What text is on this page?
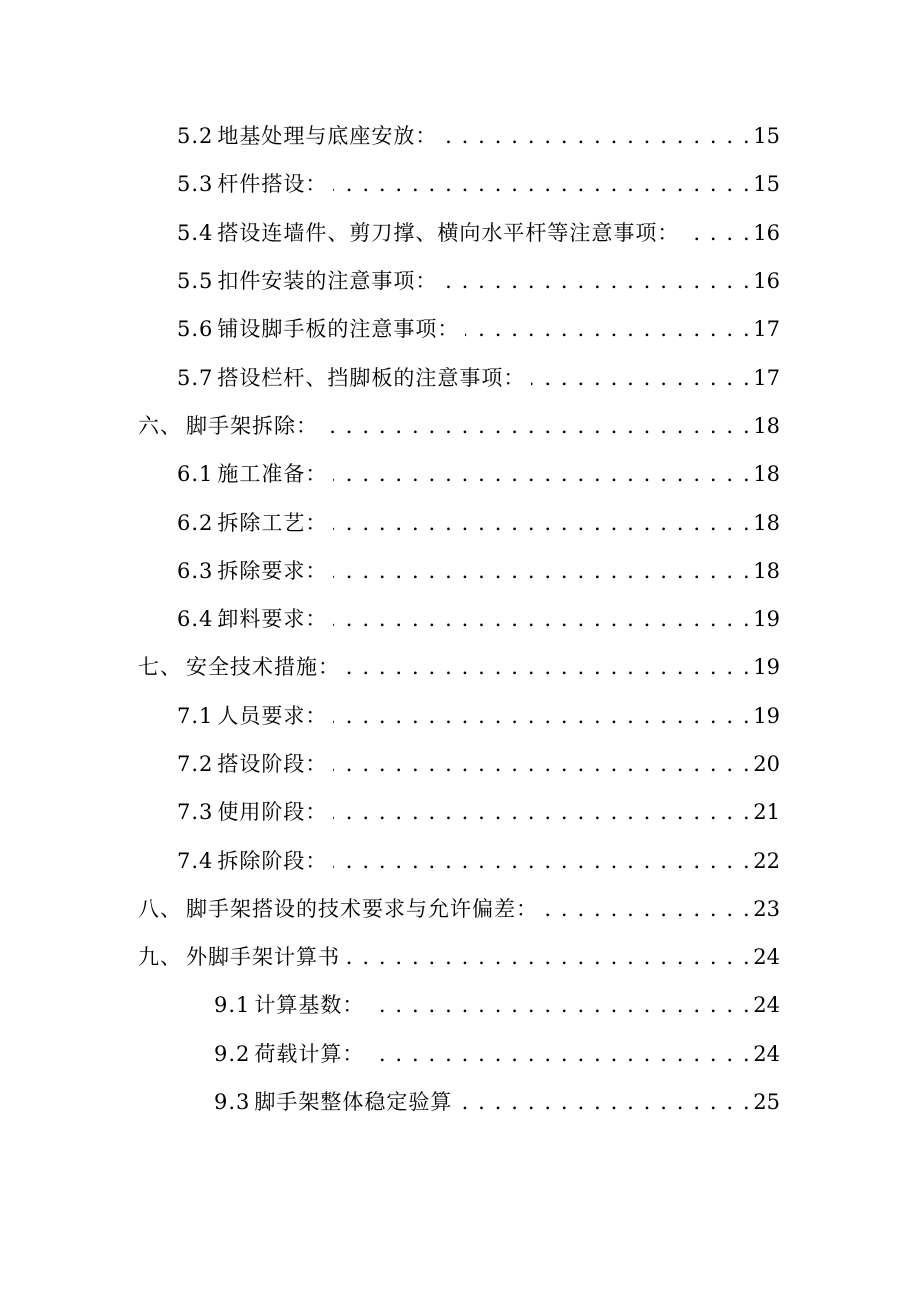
5.2 地基处理与底座安放： . . .	15
5.3 杆件搭设： . . .	15
5.4 搭设连墙件、剪刀撑、横向水平杆等注意事项： . . .	16
5.5 扣件安装的注意事项： . . .	16
5.6 铺设脚手板的注意事项： . . .	17
5.7 搭设栏杆、挡脚板的注意事项： . . .	17
六、 脚手架拆除： . . .	18
6.1 施工准备： . . .	18
6.2 拆除工艺： . . .	18
6.3 拆除要求： . . .	18
6.4 卸料要求： . . .	19
七、 安全技术措施： . . .	19
7.1 人员要求： . . .	19
7.2 搭设阶段： . . .	20
7.3 使用阶段： . . .	21
7.4 拆除阶段： . . .	22
八、 脚手架搭设的技术要求与允许偏差： . . .	23
九、 外脚手架计算书 . . .	24
9.1 计算基数： . . .	24
9.2 荷载计算： . . .	24
9.3 脚手架整体稳定验算 . . .	25
